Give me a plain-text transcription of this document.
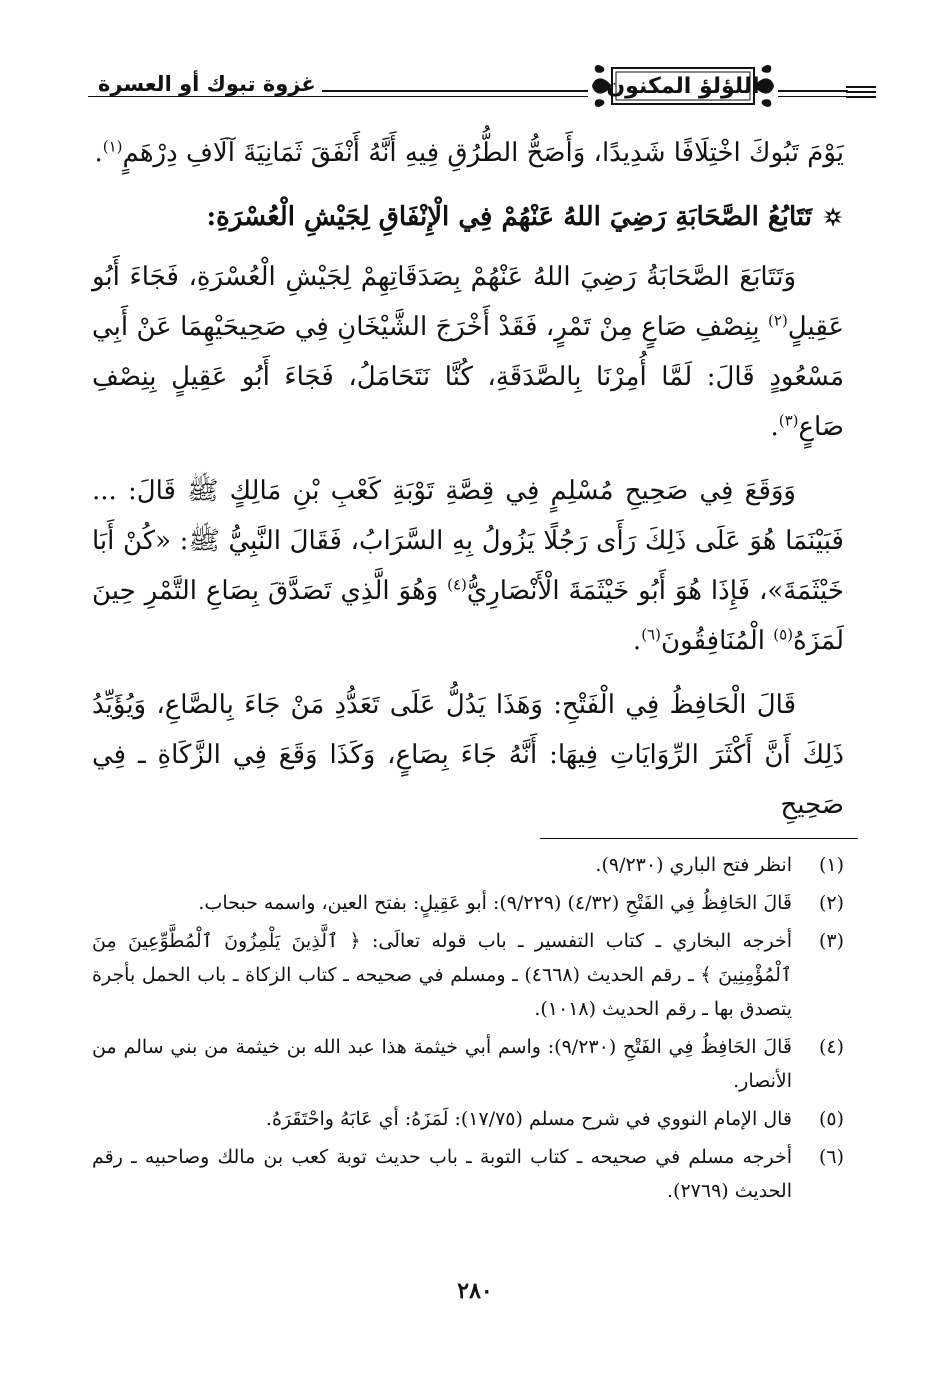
غزوة تبوك أو العسرة	اللؤلؤ المكنون

يَوْمَ تَبُوكَ اخْتِلَافًا شَدِيدًا، وَأَصَحُّ الطُّرُقِ فِيهِ أَنَّهُ أَنْفَقَ ثَمَانِيَةَ آلَافِ دِرْهَمٍ$^{(١)}$.

تَتَابُعُ الصَّحَابَةِ رَضِيَ اللهُ عَنْهُمْ فِي الْإِنْفَاقِ لِجَيْشِ الْعُسْرَةِ:

وَتَتَابَعَ الصَّحَابَةُ رَضِيَ اللهُ عَنْهُمْ بِصَدَقَاتِهِمْ لِجَيْشِ الْعُسْرَةِ، فَجَاءَ أَبُو عَقِيلٍ$^{(٢)}$ بِنِصْفِ صَاعٍ مِنْ تَمْرٍ، فَقَدْ أَخْرَجَ الشَّيْخَانِ فِي صَحِيحَيْهِمَا عَنْ أَبِي مَسْعُودٍ قَالَ: لَمَّا أُمِرْنَا بِالصَّدَقَةِ، كُنَّا نَتَحَامَلُ، فَجَاءَ أَبُو عَقِيلٍ بِنِصْفِ صَاعٍ$^{(٣)}$.

وَوَقَعَ فِي صَحِيحِ مُسْلِمٍ فِي قِصَّةِ تَوْبَةِ كَعْبِ بْنِ مَالِكٍ ﷺ قَالَ: ... فَبَيْنَمَا هُوَ عَلَى ذَلِكَ رَأَى رَجُلًا يَزُولُ بِهِ السَّرَابُ، فَقَالَ النَّبِيُّ ﷺ: «كُنْ أَبَا خَيْثَمَةَ»، فَإِذَا هُوَ أَبُو خَيْثَمَةَ الْأَنْصَارِيُّ$^{(٤)}$ وَهُوَ الَّذِي تَصَدَّقَ بِصَاعِ التَّمْرِ حِينَ لَمَزَهُ$^{(٥)}$ الْمُنَافِقُونَ$^{(٦)}$.

قَالَ الْحَافِظُ فِي الْفَتْحِ: وَهَذَا يَدُلُّ عَلَى تَعَدُّدِ مَنْ جَاءَ بِالصَّاعِ، وَيُؤَيِّدُ ذَلِكَ أَنَّ أَكْثَرَ الرِّوَايَاتِ فِيهَا: أَنَّهُ جَاءَ بِصَاعٍ، وَكَذَا وَقَعَ فِي الزَّكَاةِ ـ فِي صَحِيحِ

(١)
انظر فتح الباري (٩/٢٣٠).
(٢)
قَالَ الحَافِظُ فِي الفَتْحِ (٤/٣٢) (٩/٢٢٩): أبو عَقِيلٍ: بفتح العين، واسمه حبحاب.
(٣)
أخرجه البخاري ـ كتاب التفسير ـ باب قوله تعالَى: ﴿ ٱلَّذِينَ يَلْمِزُونَ ٱلْمُطَّوِّعِينَ مِنَ ٱلْمُؤْمِنِينَ ﴾ ـ رقم الحديث (٤٦٦٨) ـ ومسلم في صحيحه ـ كتاب الزكاة ـ باب الحمل بأجرة يتصدق بها ـ رقم الحديث (١٠١٨).
(٤)
قَالَ الحَافِظُ فِي الفَتْحِ (٩/٢٣٠): واسم أبي خيثمة هذا عبد الله بن خيثمة من بني سالم من الأنصار.
(٥)
قال الإمام النووي في شرح مسلم (١٧/٧٥): لَمَزَهُ: أي عَابَهُ واحْتَقَرَهُ.
(٦)
أخرجه مسلم في صحيحه ـ كتاب التوبة ـ باب حديث توبة كعب بن مالك وصاحبيه ـ رقم الحديث (٢٧٦٩).
٢٨٠
